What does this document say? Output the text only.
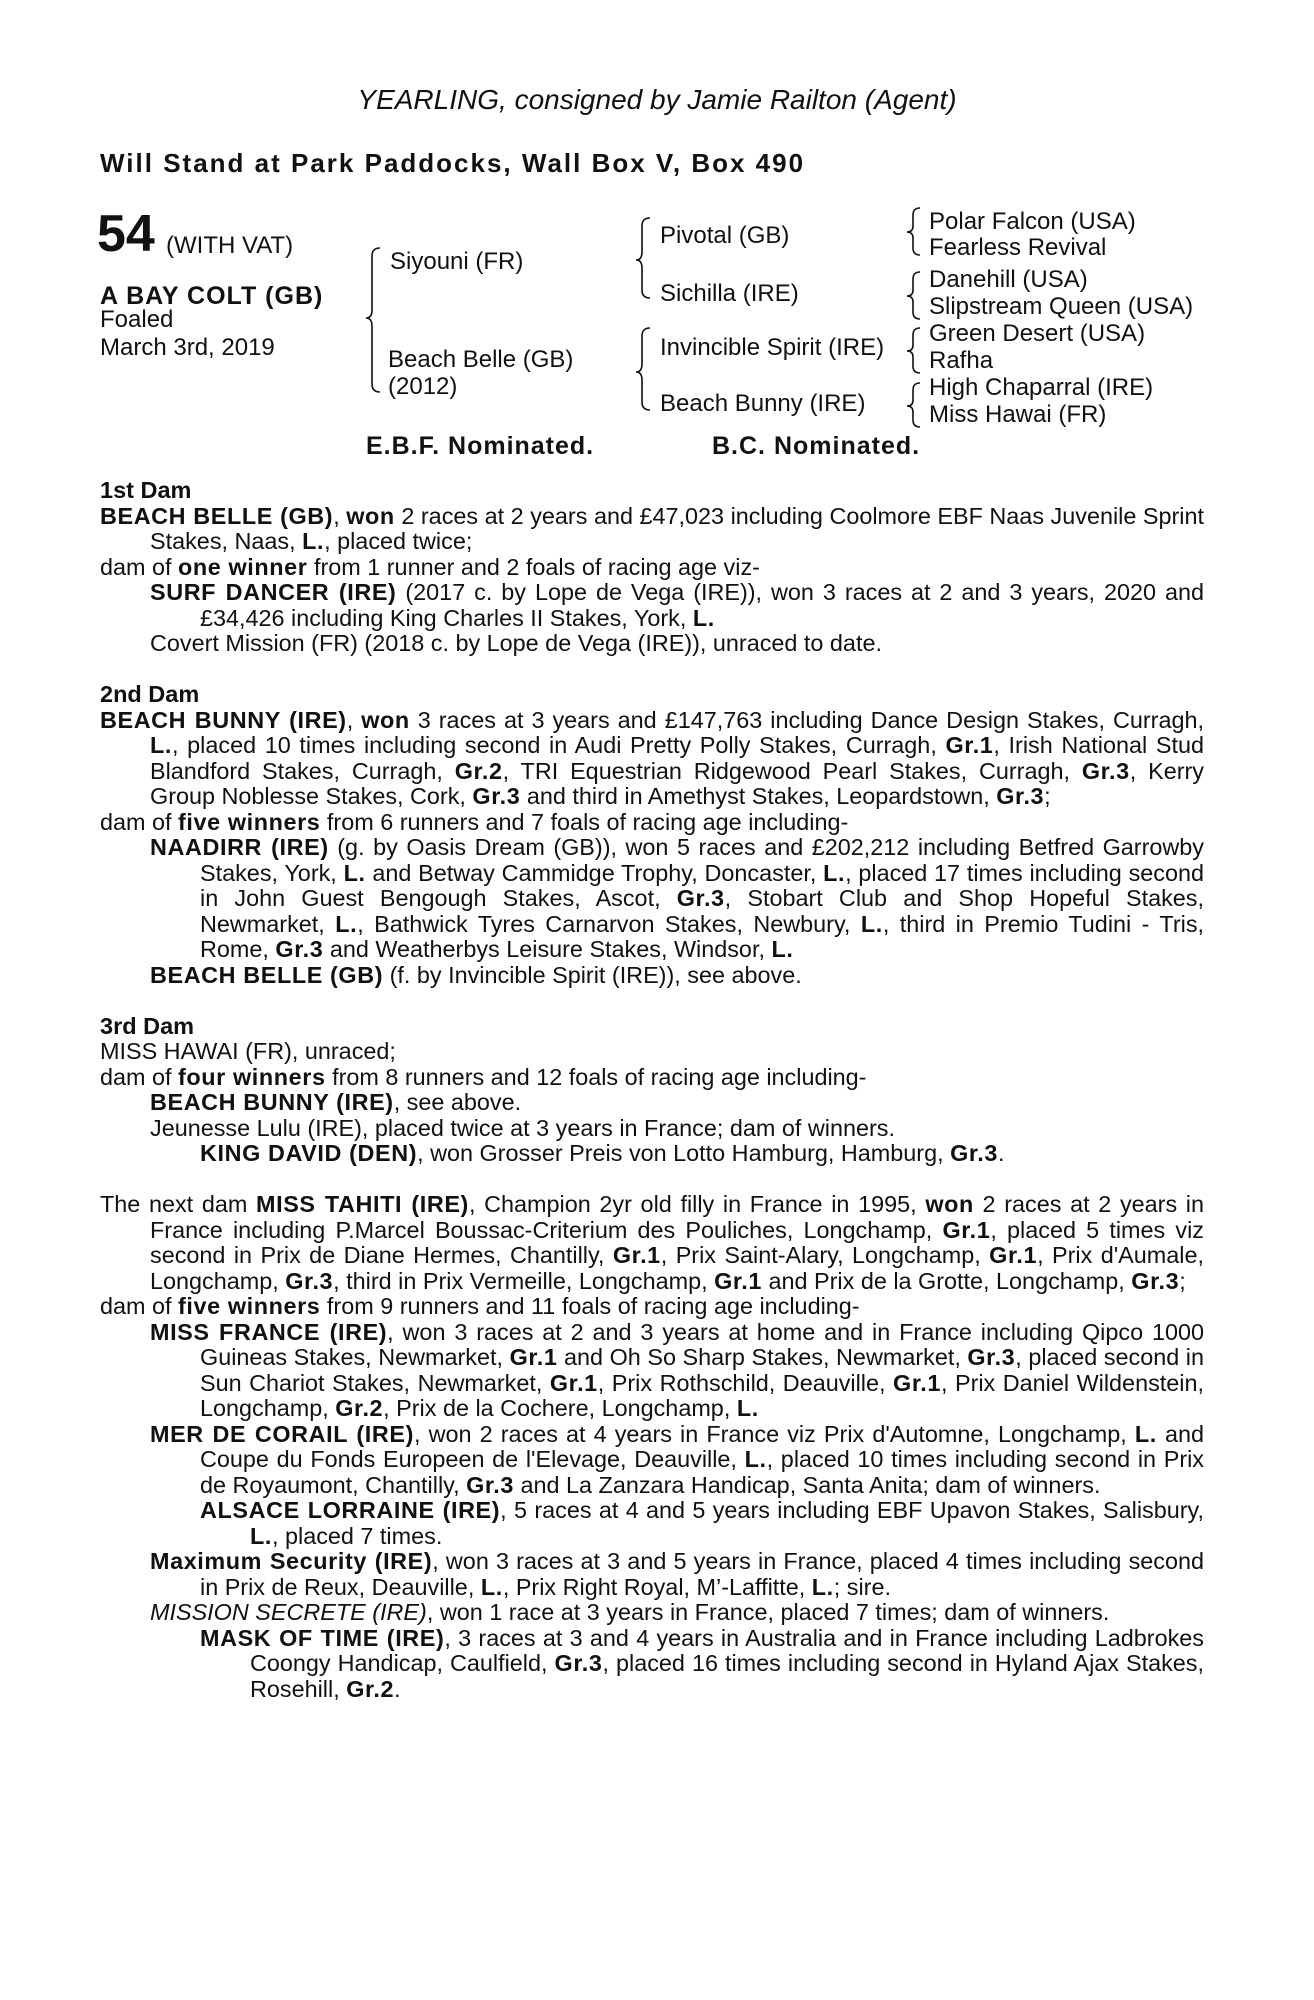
YEARLING, consigned by Jamie Railton (Agent)
Will Stand at Park Paddocks, Wall Box V, Box 490
54 (WITH VAT)
A BAY COLT (GB)
Foaled
March 3rd, 2019
Siyouni (FR)
Beach Belle (GB)
(2012)
Pivotal (GB)
Sichilla (IRE)
Invincible Spirit (IRE)
Beach Bunny (IRE)
Polar Falcon (USA)
Fearless Revival
Danehill (USA)
Slipstream Queen (USA)
Green Desert (USA)
Rafha
High Chaparral (IRE)
Miss Hawai (FR)
E.B.F. Nominated.	B.C. Nominated.

1st Dam

BEACH BELLE (GB), won 2 races at 2 years and £47,023 including Coolmore EBF Naas Juvenile Sprint Stakes, Naas, L., placed twice;

dam of one winner from 1 runner and 2 foals of racing age viz-

SURF DANCER (IRE) (2017 c. by Lope de Vega (IRE)), won 3 races at 2 and 3 years, 2020 and £34,426 including King Charles II Stakes, York, L.

Covert Mission (FR) (2018 c. by Lope de Vega (IRE)), unraced to date.

2nd Dam

BEACH BUNNY (IRE), won 3 races at 3 years and £147,763 including Dance Design Stakes, Curragh, L., placed 10 times including second in Audi Pretty Polly Stakes, Curragh, Gr.1, Irish National Stud Blandford Stakes, Curragh, Gr.2, TRI Equestrian Ridgewood Pearl Stakes, Curragh, Gr.3, Kerry Group Noblesse Stakes, Cork, Gr.3 and third in Amethyst Stakes, Leopardstown, Gr.3;

dam of five winners from 6 runners and 7 foals of racing age including-

NAADIRR (IRE) (g. by Oasis Dream (GB)), won 5 races and £202,212 including Betfred Garrowby Stakes, York, L. and Betway Cammidge Trophy, Doncaster, L., placed 17 times including second in John Guest Bengough Stakes, Ascot, Gr.3, Stobart Club and Shop Hopeful Stakes, Newmarket, L., Bathwick Tyres Carnarvon Stakes, Newbury, L., third in Premio Tudini - Tris, Rome, Gr.3 and Weatherbys Leisure Stakes, Windsor, L.

BEACH BELLE (GB) (f. by Invincible Spirit (IRE)), see above.

3rd Dam

MISS HAWAI (FR), unraced;

dam of four winners from 8 runners and 12 foals of racing age including-

BEACH BUNNY (IRE), see above.

Jeunesse Lulu (IRE), placed twice at 3 years in France; dam of winners.

KING DAVID (DEN), won Grosser Preis von Lotto Hamburg, Hamburg, Gr.3.

The next dam MISS TAHITI (IRE), Champion 2yr old filly in France in 1995, won 2 races at 2 years in France including P.Marcel Boussac-Criterium des Pouliches, Longchamp, Gr.1, placed 5 times viz second in Prix de Diane Hermes, Chantilly, Gr.1, Prix Saint-Alary, Longchamp, Gr.1, Prix d'Aumale, Longchamp, Gr.3, third in Prix Vermeille, Longchamp, Gr.1 and Prix de la Grotte, Longchamp, Gr.3;

dam of five winners from 9 runners and 11 foals of racing age including-

MISS FRANCE (IRE), won 3 races at 2 and 3 years at home and in France including Qipco 1000 Guineas Stakes, Newmarket, Gr.1 and Oh So Sharp Stakes, Newmarket, Gr.3, placed second in Sun Chariot Stakes, Newmarket, Gr.1, Prix Rothschild, Deauville, Gr.1, Prix Daniel Wildenstein, Longchamp, Gr.2, Prix de la Cochere, Longchamp, L.

MER DE CORAIL (IRE), won 2 races at 4 years in France viz Prix d'Automne, Longchamp, L. and Coupe du Fonds Europeen de l'Elevage, Deauville, L., placed 10 times including second in Prix de Royaumont, Chantilly, Gr.3 and La Zanzara Handicap, Santa Anita; dam of winners.

ALSACE LORRAINE (IRE), 5 races at 4 and 5 years including EBF Upavon Stakes, Salisbury, L., placed 7 times.

Maximum Security (IRE), won 3 races at 3 and 5 years in France, placed 4 times including second in Prix de Reux, Deauville, L., Prix Right Royal, M’-Laffitte, L.; sire.

MISSION SECRETE (IRE), won 1 race at 3 years in France, placed 7 times; dam of winners.

MASK OF TIME (IRE), 3 races at 3 and 4 years in Australia and in France including Ladbrokes Coongy Handicap, Caulfield, Gr.3, placed 16 times including second in Hyland Ajax Stakes, Rosehill, Gr.2.
